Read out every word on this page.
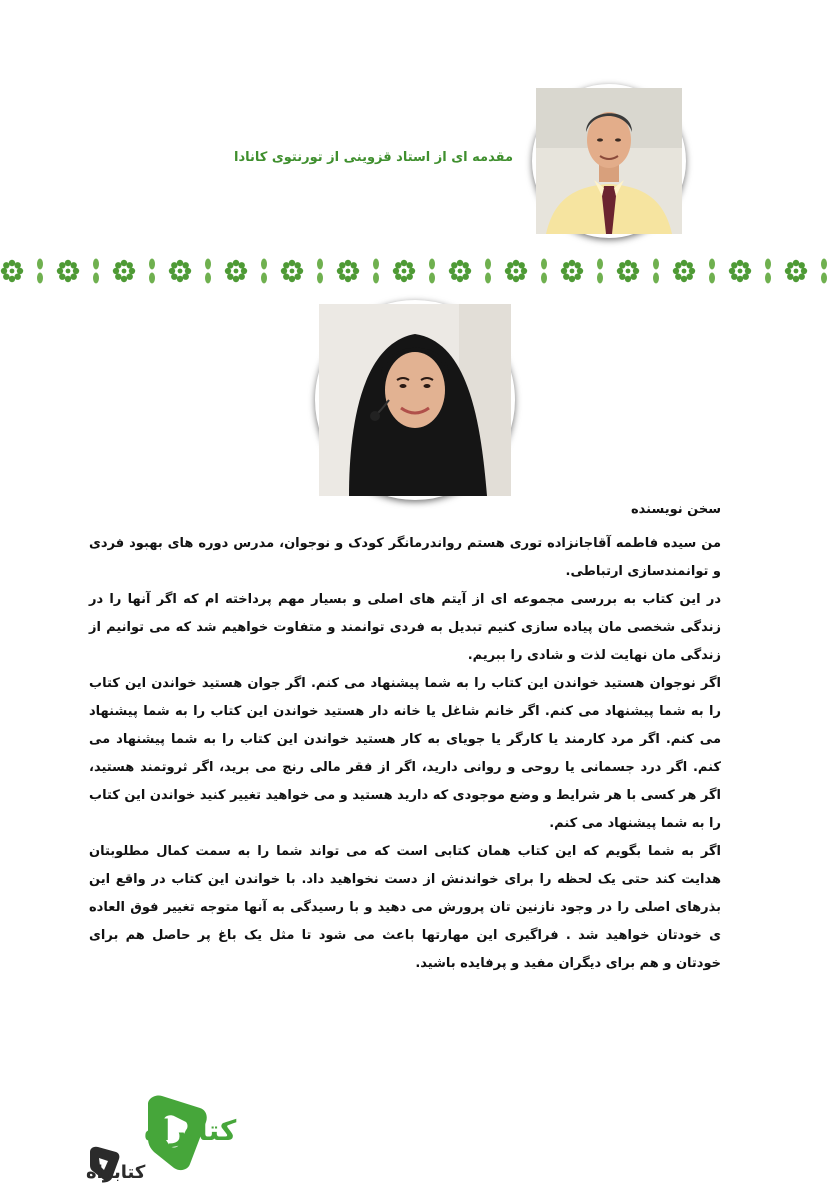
مقدمه ای از استاد قزوینی از تورنتوی کانادا

سخن نویسنده

من سیده فاطمه آقاجانزاده توری هستم رواندرمانگر کودک و نوجوان، مدرس دوره های بهبود فردی و توانمندسازی ارتباطی.

در این کتاب به بررسی مجموعه ای از آیتم های اصلی و بسیار مهم پرداخته ام که اگر آنها را در زندگی شخصی مان پیاده سازی کنیم تبدیل به فردی توانمند و متفاوت خواهیم شد که می توانیم از زندگی مان نهایت لذت و شادی را ببریم.

اگر نوجوان هستید خواندن این کتاب را به شما پیشنهاد می کنم. اگر جوان هستید خواندن این کتاب را به شما پیشنهاد می کنم. اگر خانم شاغل یا خانه دار هستید خواندن این کتاب را به شما پیشنهاد می کنم. اگر مرد کارمند یا کارگر یا جویای به کار هستید خواندن این کتاب را به شما پیشنهاد می کنم. اگر درد جسمانی یا روحی و روانی دارید، اگر از فقر مالی رنج می برید، اگر ثروتمند هستید، اگر هر کسی با هر شرایط و وضع موجودی که دارید هستید و می خواهید تغییر کنید خواندن این کتاب را به شما پیشنهاد می کنم.

اگر به شما بگویم که این کتاب همان کتابی است که می تواند شما را به سمت کمال مطلوبتان هدایت کند حتی یک لحظه را برای خواندنش از دست نخواهید داد. با خواندن این کتاب در واقع این بذرهای اصلی را در وجود نازنین تان پرورش می دهید و با رسیدگی به آنها متوجه تغییر فوق العاده ی خودتان خواهید شد . فراگیری این مهارتها باعث می شود تا مثل یک باغ پر حاصل هم برای خودتان و هم برای دیگران مفید و پرفایده باشید.

کتابراه
کتابراه
